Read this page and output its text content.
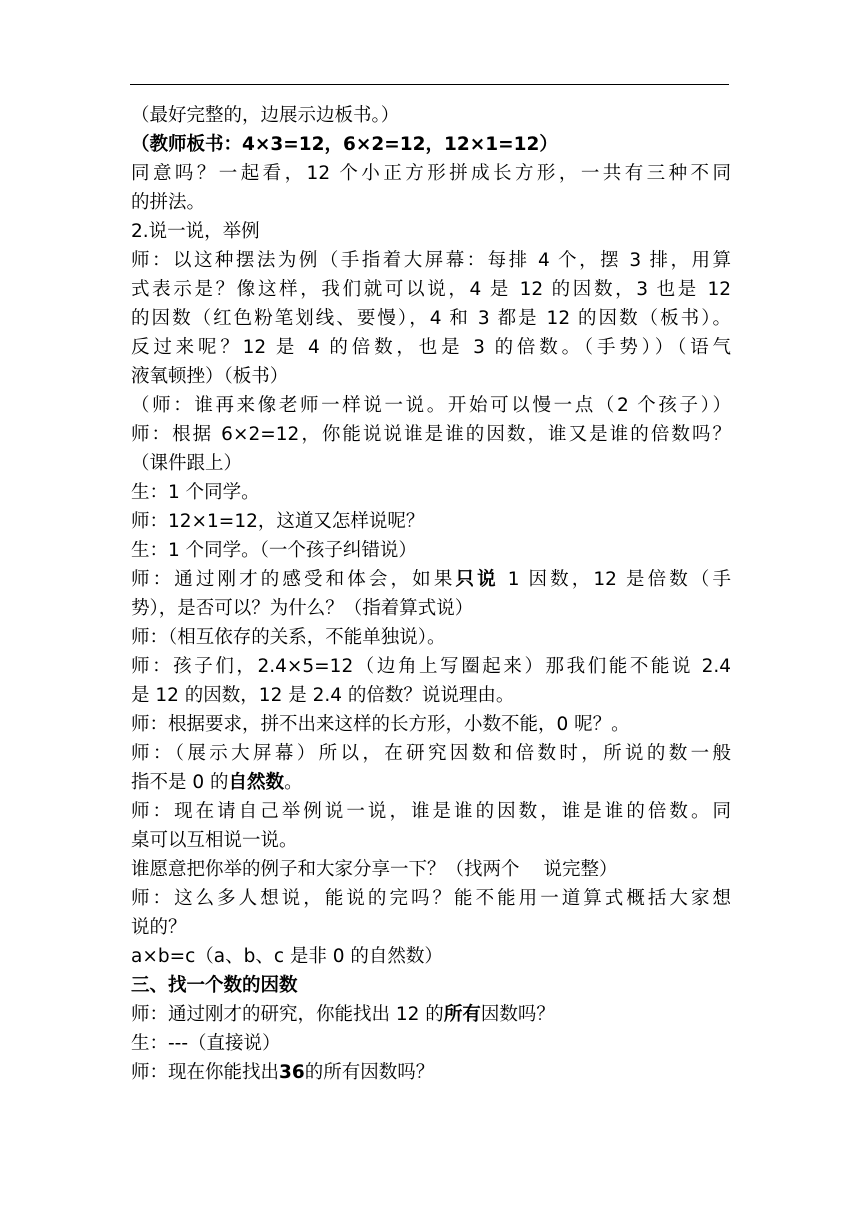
（最好完整的，边展示边板书。）
（教师板书：4×3=12，6×2=12，12×1=12）
同意吗？一起看，12 个小正方形拼成长方形，一共有三种不同
的拼法。
2.说一说，举例
师：以这种摆法为例（手指着大屏幕：每排 4 个，摆 3 排，用算
式表示是？像这样，我们就可以说，4 是 12 的因数，3 也是 12
的因数（红色粉笔划线、要慢），4 和 3 都是 12 的因数（板书）。
反过来呢？12 是 4 的倍数，也是 3 的倍数。（手势））（语气
液氧顿挫）（板书）
（师：谁再来像老师一样说一说。开始可以慢一点（2 个孩子））
师：根据 6×2=12，你能说说谁是谁的因数，谁又是谁的倍数吗？
（课件跟上）
生：1 个同学。
师：12×1=12，这道又怎样说呢？
生：1 个同学。（一个孩子纠错说）
师：通过刚才的感受和体会，如果只说 1 因数，12 是倍数（手
势），是否可以？为什么？（指着算式说）
师：（相互依存的关系，不能单独说）。
师：孩子们，2.4×5=12（边角上写圈起来）那我们能不能说 2.4
是 12 的因数，12 是 2.4 的倍数？说说理由。
师：根据要求，拼不出来这样的长方形，小数不能，0 呢？。
师：（展示大屏幕）所以，在研究因数和倍数时，所说的数一般
指不是 0 的自然数。
师：现在请自己举例说一说，谁是谁的因数，谁是谁的倍数。同
桌可以互相说一说。
谁愿意把你举的例子和大家分享一下？（找两个 说完整）
师：这么多人想说，能说的完吗？能不能用一道算式概括大家想
说的？
a×b=c（a、b、c 是非 0 的自然数）
三、找一个数的因数
师：通过刚才的研究，你能找出 12 的所有因数吗？
生：---（直接说）
师：现在你能找出36的所有因数吗？
